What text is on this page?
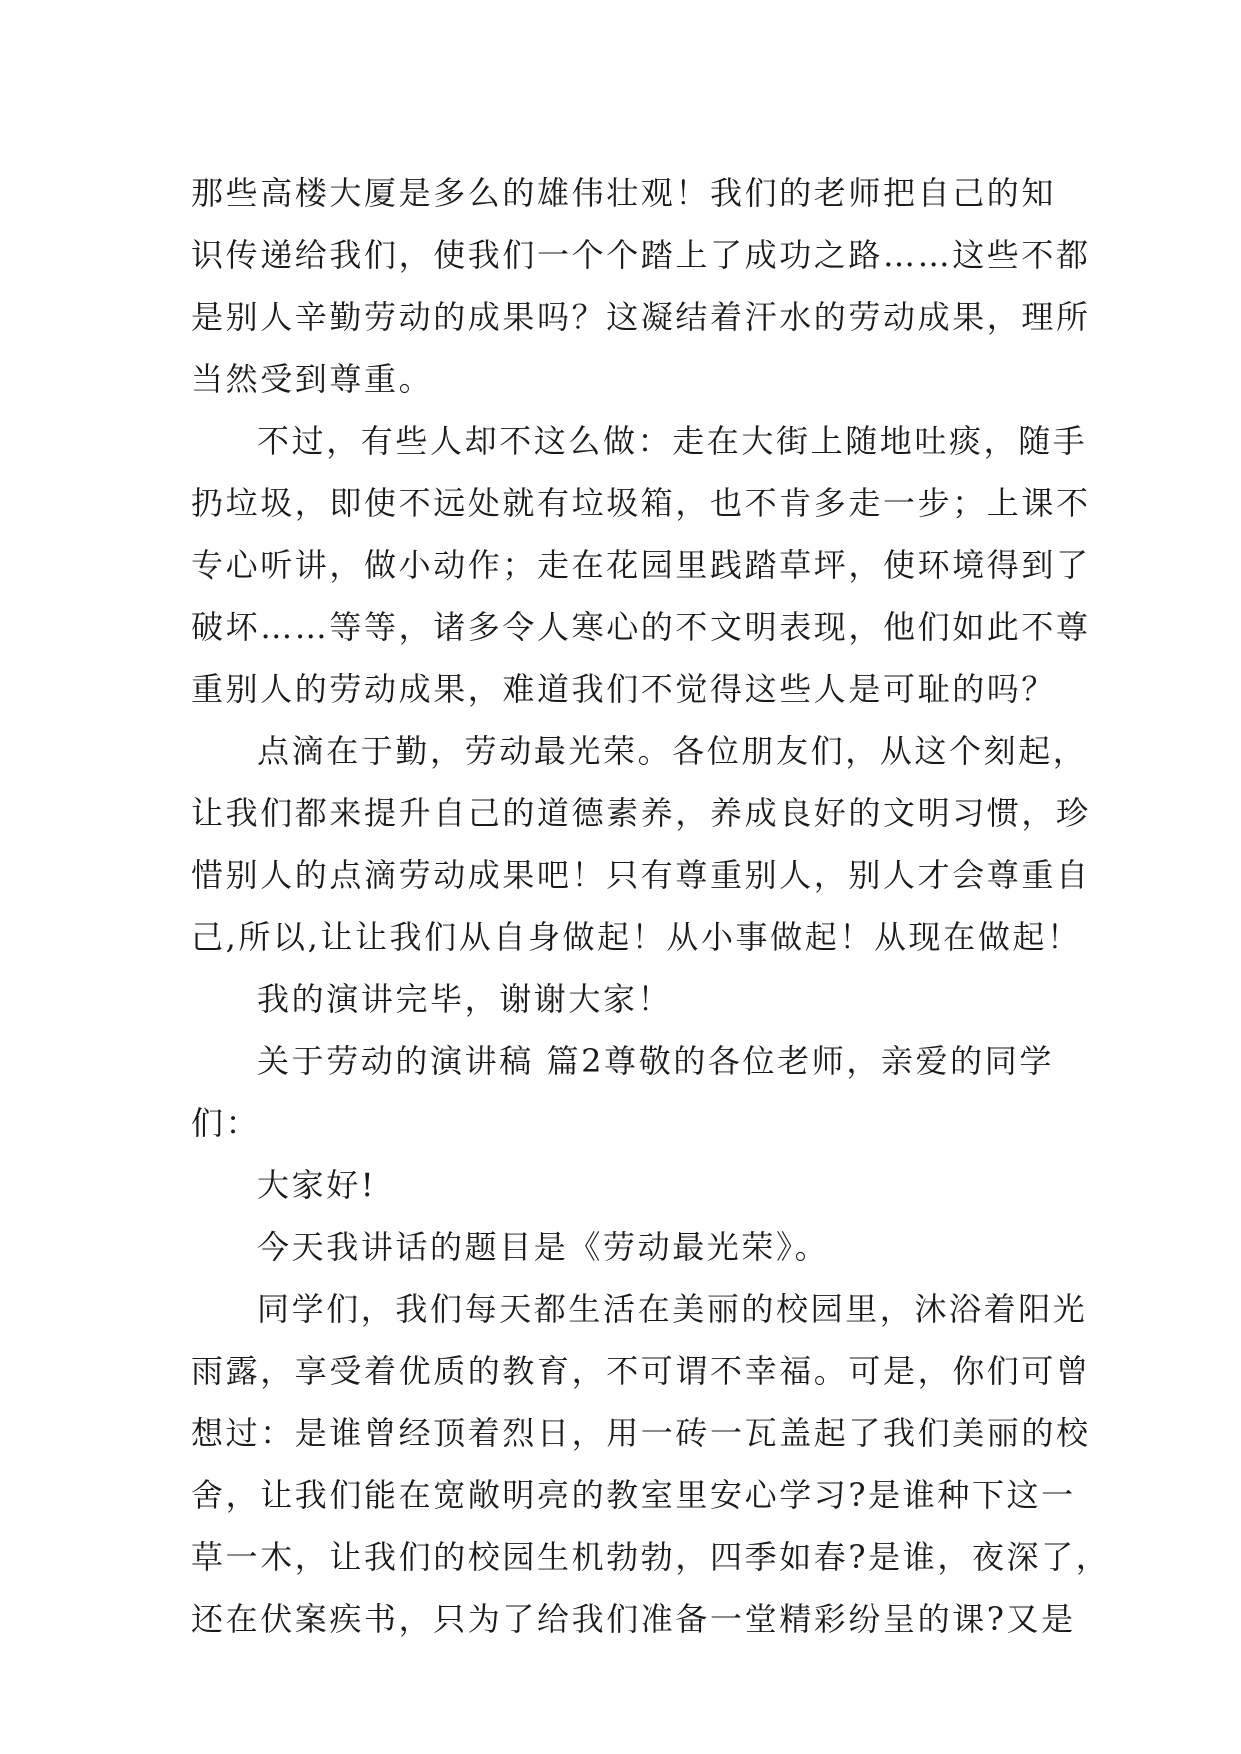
那些高楼大厦是多么的雄伟壮观！我们的老师把自己的知
识传递给我们，使我们一个个踏上了成功之路……这些不都
是别人辛勤劳动的成果吗？这凝结着汗水的劳动成果，理所
当然受到尊重。
不过，有些人却不这么做：走在大街上随地吐痰，随手
扔垃圾，即使不远处就有垃圾箱，也不肯多走一步；上课不
专心听讲，做小动作；走在花园里践踏草坪，使环境得到了
破坏……等等，诸多令人寒心的不文明表现，他们如此不尊
重别人的劳动成果，难道我们不觉得这些人是可耻的吗？
点滴在于勤，劳动最光荣。各位朋友们，从这个刻起，
让我们都来提升自己的道德素养，养成良好的文明习惯，珍
惜别人的点滴劳动成果吧！只有尊重别人，别人才会尊重自
己,所以,让让我们从自身做起！从小事做起！从现在做起！
我的演讲完毕，谢谢大家！
关于劳动的演讲稿 篇2尊敬的各位老师，亲爱的同学
们：
大家好!
今天我讲话的题目是《劳动最光荣》。
同学们，我们每天都生活在美丽的校园里，沐浴着阳光
雨露，享受着优质的教育，不可谓不幸福。可是，你们可曾
想过：是谁曾经顶着烈日，用一砖一瓦盖起了我们美丽的校
舍，让我们能在宽敞明亮的教室里安心学习?是谁种下这一
草一木，让我们的校园生机勃勃，四季如春?是谁，夜深了，
还在伏案疾书，只为了给我们准备一堂精彩纷呈的课?又是
